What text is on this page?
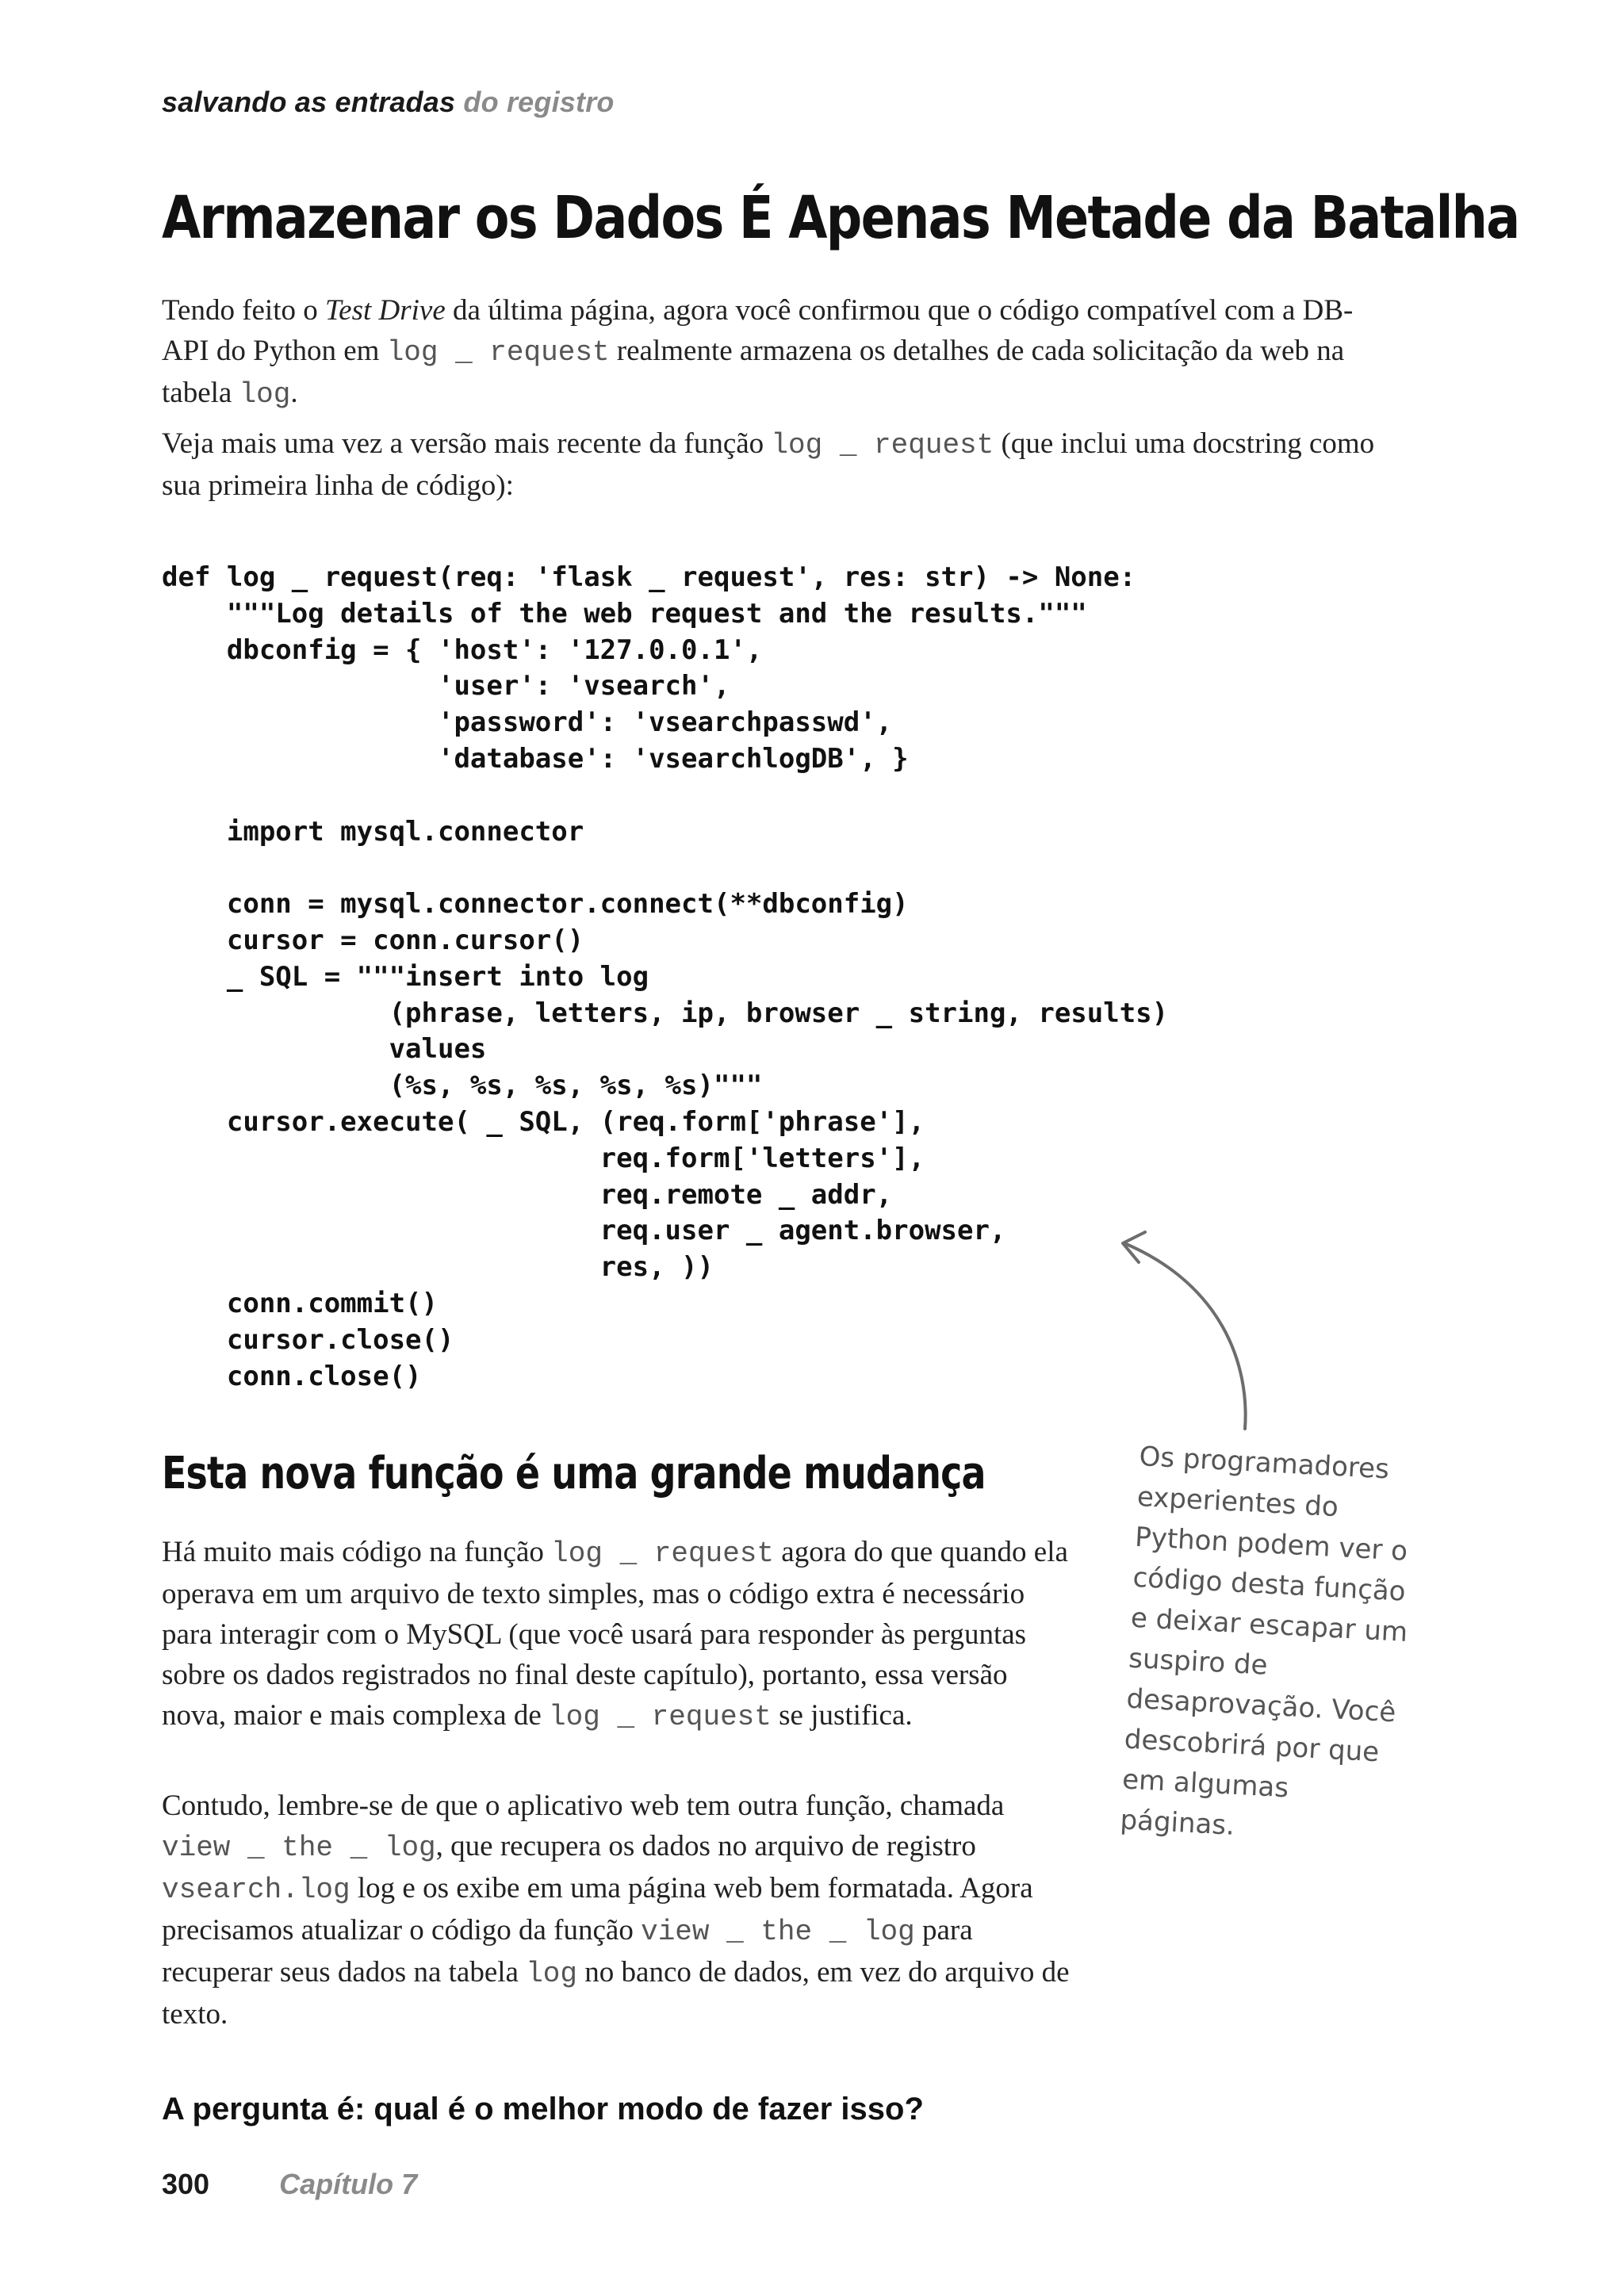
salvando as entradas do registro
Armazenar os Dados É Apenas Metade da Batalha

Tendo feito o Test Drive da última página, agora você confirmou que o código compatível com a DB-API do Python em log _ request realmente armazena os detalhes de cada solicitação da web na tabela log.

Veja mais uma vez a versão mais recente da função log _ request (que inclui uma docstring como sua primeira linha de código):

def log _ request(req: 'flask _ request', res: str) -> None:
"""Log details of the web request and the results."""
dbconfig = { 'host': '127.0.0.1',
'user': 'vsearch',
'password': 'vsearchpasswd',
'database': 'vsearchlogDB', }

import mysql.connector

conn = mysql.connector.connect(**dbconfig)
cursor = conn.cursor()
_ SQL = """insert into log
(phrase, letters, ip, browser _ string, results)
values
(%s, %s, %s, %s, %s)"""
cursor.execute( _ SQL, (req.form['phrase'],
req.form['letters'],
req.remote _ addr,
req.user _ agent.browser,
res, ))
conn.commit()
cursor.close()
conn.close()
Esta nova função é uma grande mudança	Os programadores experientes do Python podem ver o código desta função e deixar escapar um suspiro de desaprovação. Você descobrirá por que em algumas páginas.

Há muito mais código na função log _ request agora do que quando ela operava em um arquivo de texto simples, mas o código extra é necessário para interagir com o MySQL (que você usará para responder às perguntas sobre os dados registrados no final deste capítulo), portanto, essa versão nova, maior e mais complexa de log _ request se justifica.

Contudo, lembre-se de que o aplicativo web tem outra função, chamada view _ the _ log, que recupera os dados no arquivo de registro vsearch.log log e os exibe em uma página web bem formatada. Agora precisamos atualizar o código da função view _ the _ log para recuperar seus dados na tabela log no banco de dados, em vez do arquivo de texto.

A pergunta é: qual é o melhor modo de fazer isso?

300 Capítulo 7
